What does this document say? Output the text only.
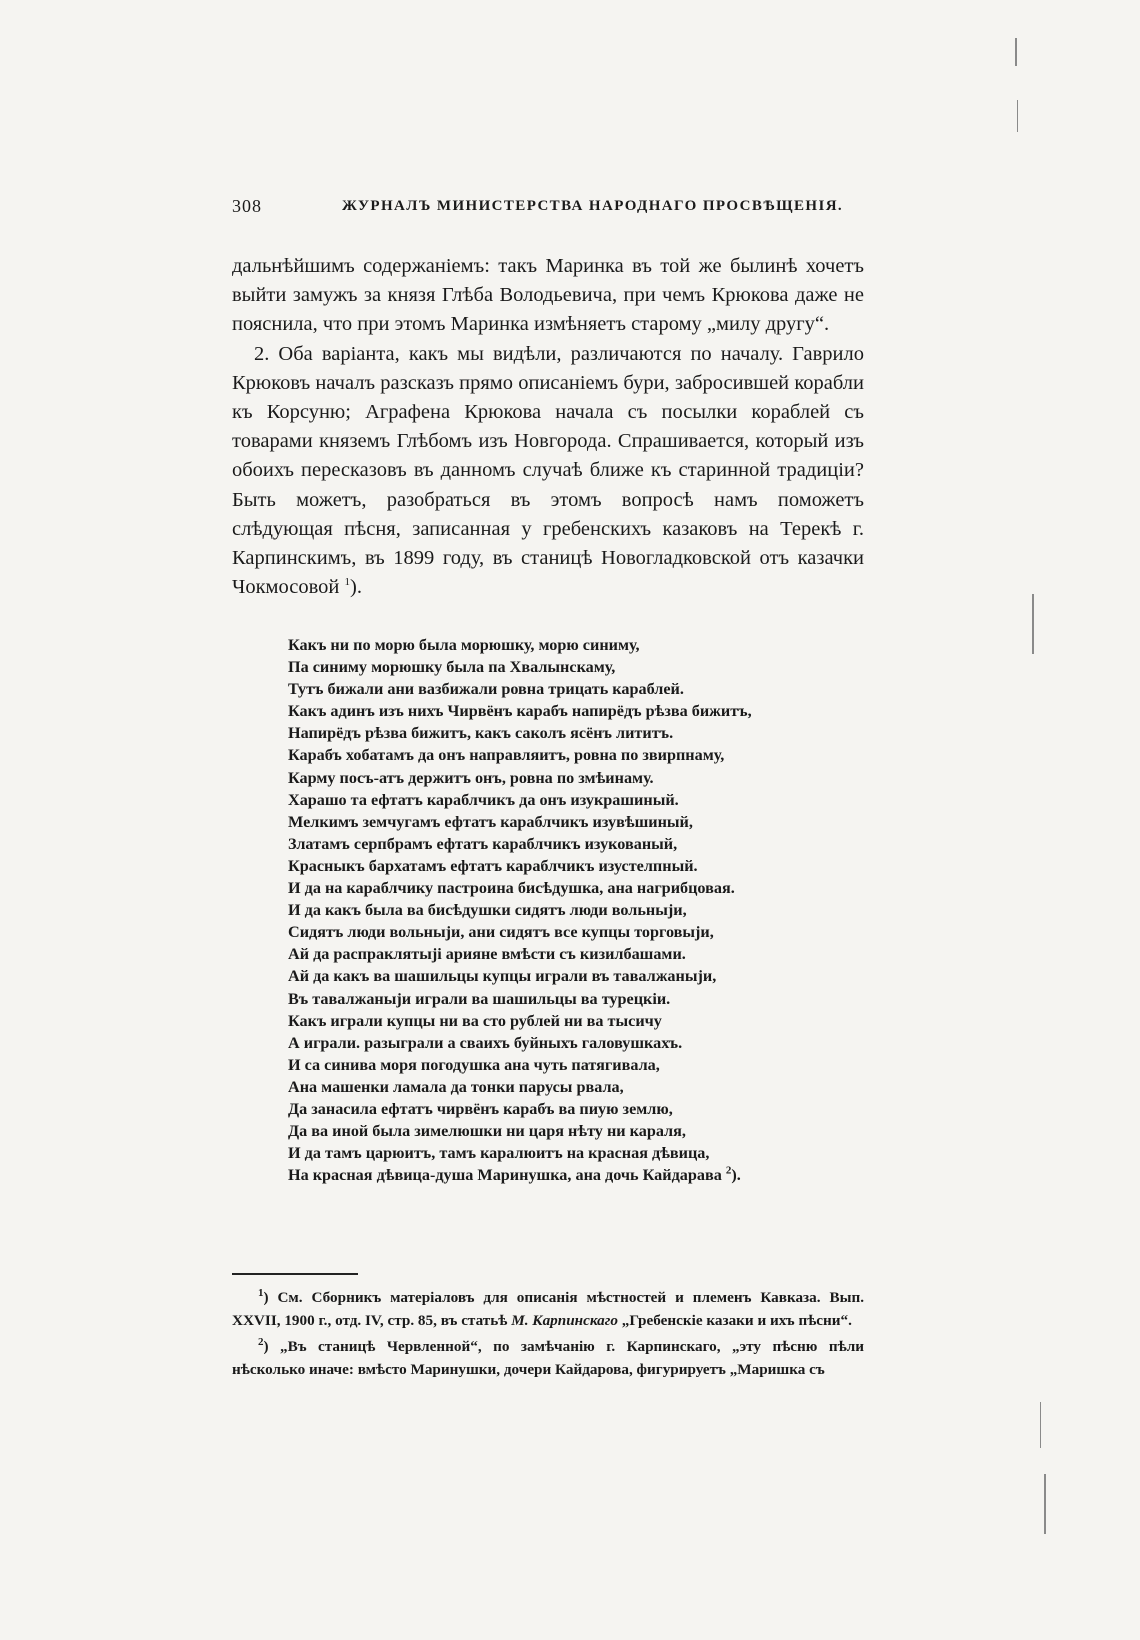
308	ЖУРНАЛЪ МИНИСТЕРСТВА НАРОДНАГО ПРОСВѢЩЕНІЯ.

дальнѣйшимъ содержаніемъ: такъ Маринка въ той же былинѣ хочетъ выйти замужъ за князя Глѣба Володьевича, при чемъ Крюкова даже не пояснила, что при этомъ Маринка измѣняетъ старому „милу другу“.

2. Оба варіанта, какъ мы видѣли, различаются по началу. Гаврило Крюковъ началъ разсказъ прямо описаніемъ бури, забросившей корабли къ Корсуню; Аграфена Крюкова начала съ посылки кораблей съ товарами княземъ Глѣбомъ изъ Новгорода. Спрашивается, который изъ обоихъ пересказовъ въ данномъ случаѣ ближе къ старинной традиціи? Быть можетъ, разобраться въ этомъ вопросѣ намъ поможетъ слѣдующая пѣсня, записанная у гребенскихъ казаковъ на Терекѣ г. Карпинскимъ, въ 1899 году, въ станицѣ Новогладковской отъ казачки Чокмосовой $^1$).

Какъ ни по морю была морюшку, морю синиму,
Па синиму морюшку была па Хвалынскаму,
Тутъ бижали ани вазбижали ровна трицать караблей.
Какъ адинъ изъ нихъ Чирвёнъ карабъ напирёдъ рѣзва бижитъ,
Напирёдъ рѣзва бижитъ, какъ саколъ ясёнъ лититъ.
Карабъ хобатамъ да онъ направляитъ, ровна по звирпнаму,
Карму посъ-атъ держитъ онъ, ровна по змѣинаму.
Харашо та ефтатъ караблчикъ да онъ изукрашиный.
Мелкимъ земчугамъ ефтатъ караблчикъ изувѣшиный,
Златамъ серпбрамъ ефтатъ караблчикъ изукованый,
Красныкъ бархатамъ ефтатъ караблчикъ изустелпный.
И да на караблчику пастроина бисѣдушка, ана нагрибцовая.
И да какъ была ва бисѣдушки сидятъ люди вольныји,
Сидятъ люди вольныји, ани сидятъ все купцы торговыји,
Ай да распраклятыјі арияне вмѣсти съ кизилбашами.
Ай да какъ ва шашильцы купцы играли въ тавалжаныји,
Въ тавалжаныји играли ва шашильцы ва турецкіи.
Какъ играли купцы ни ва сто рублей ни ва тысичу
А играли. разыграли а сваихъ буйныхъ галовушкахъ.
И са синива моря погодушка ана чуть патягивала,
Ана машенки ламала да тонки парусы рвала,
Да занасила ефтатъ чирвёнъ карабъ ва пиую землю,
Да ва иной была зимелюшки ни царя нѣту ни караля,
И да тамъ царюитъ, тамъ каралюитъ на красная дѣвица,
На красная дѣвица-душа Маринушка, ана дочь Кайдарава $^2$).

$^1$) См. Сборникъ матеріаловъ для описанія мѣстностей и племенъ Кавказа. Вып. XXVII, 1900 г., отд. IV, стр. 85, въ статьѣ М. Карпинскаго „Гребенскіе казаки и ихъ пѣсни“.

$^2$) „Въ станицѣ Червленной“, по замѣчанію г. Карпинскаго, „эту пѣсню пѣли нѣсколько иначе: вмѣсто Маринушки, дочери Кайдарова, фигурируетъ „Маришка съ
